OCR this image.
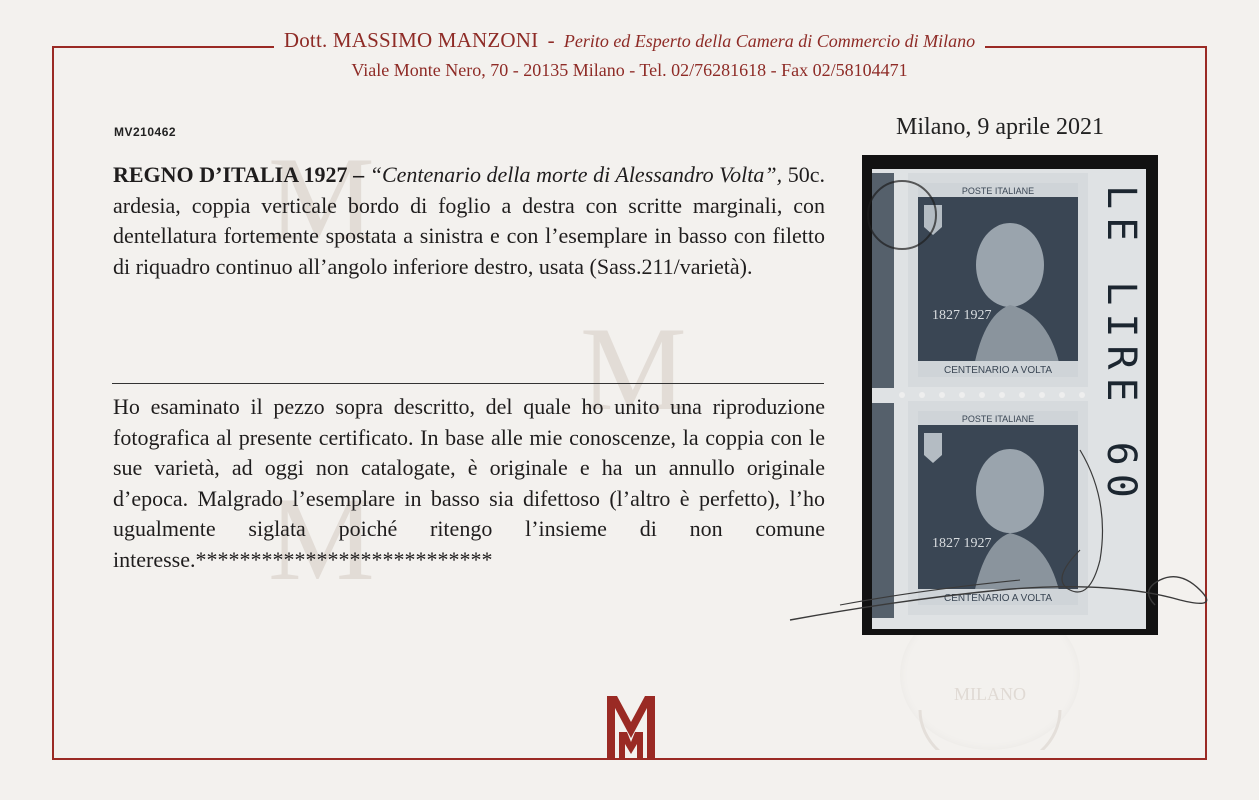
Dott. MASSIMO MANZONI - Perito ed Esperto della Camera di Commercio di Milano
Viale Monte Nero, 70 - 20135 Milano - Tel. 02/76281618 - Fax 02/58104471
M
M
M
MV210462	Milano, 9 aprile 2021
REGNO D’ITALIA 1927 – “Centenario della morte di Alessandro Volta”, 50c. ardesia, coppia verticale bordo di foglio a destra con scritte marginali, con dentellatura fortemente spostata a sinistra e con l’esemplare in basso con filetto di riquadro continuo all’angolo inferiore destro, usata (Sass.211/varietà).
Ho esaminato il pezzo sopra descritto, del quale ho unito una riproduzione fotografica al presente certificato. In base alle mie conoscenze, la coppia con le sue varietà, ad oggi non catalogate, è originale e ha un annullo originale d’epoca. Malgrado l’esemplare in basso sia difettoso (l’altro è perfetto), l’ho ugualmente siglata poiché ritengo l’insieme di non comune interesse.***************************
MILANO
POSTE ITALIANE
1827 1927
CENTENARIO A VOLTA
POSTE ITALIANE
1827 1927
CENTENARIO A VOLTA
LE LIRE 60
